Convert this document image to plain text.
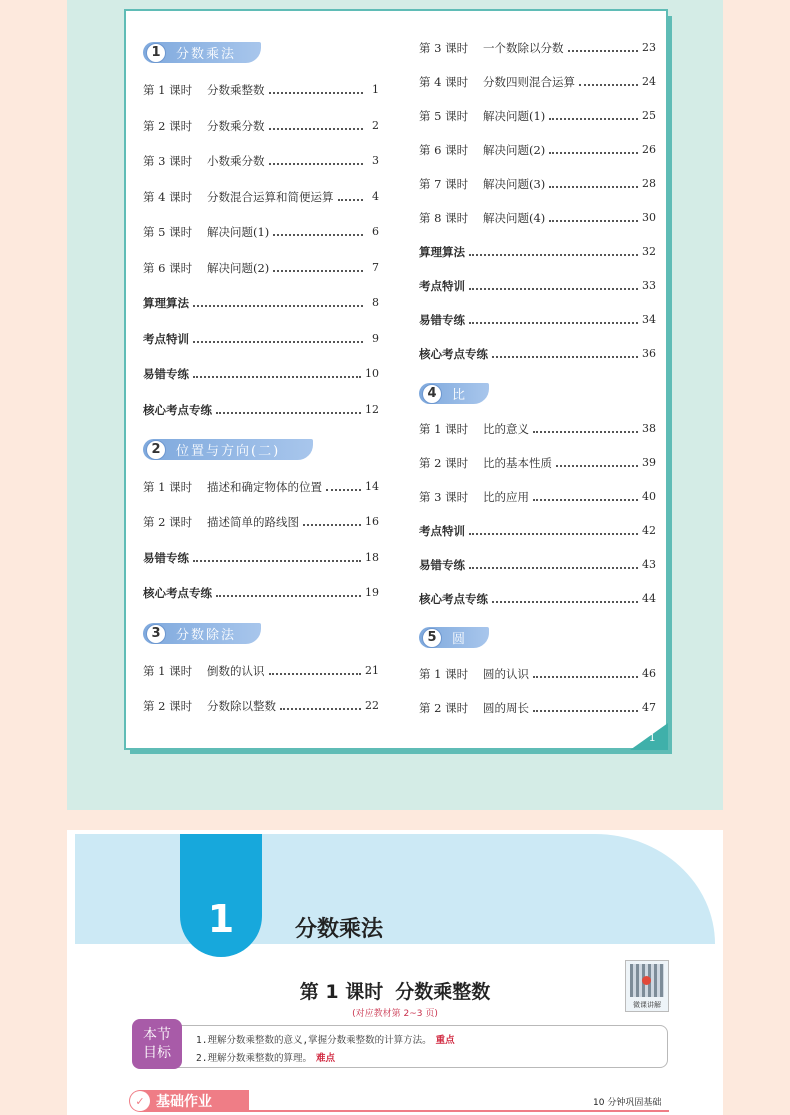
1
1	分数乘法
2	位置与方向(二)
3	分数除法
4	比
5	圆
第 1 课时	分数乘整数	1
第 2 课时	分数乘分数	2
第 3 课时	小数乘分数	3
第 4 课时	分数混合运算和简便运算	4
第 5 课时	解决问题(1)	6
第 6 课时	解决问题(2)	7
算理算法	8
考点特训	9
易错专练	10
核心考点专练	12
第 1 课时	描述和确定物体的位置	14
第 2 课时	描述简单的路线图	16
易错专练	18
核心考点专练	19
第 1 课时	倒数的认识	21
第 2 课时	分数除以整数	22
第 3 课时	一个数除以分数	23
第 4 课时	分数四则混合运算	24
第 5 课时	解决问题(1)	25
第 6 课时	解决问题(2)	26
第 7 课时	解决问题(3)	28
第 8 课时	解决问题(4)	30
算理算法	32
考点特训	33
易错专练	34
核心考点专练	36
第 1 课时	比的意义	38
第 2 课时	比的基本性质	39
第 3 课时	比的应用	40
考点特训	42
易错专练	43
核心考点专练	44
第 1 课时	圆的认识	46
第 2 课时	圆的周长	47
1	分数乘法
第 1 课时 分数乘整数
(对应教材第 2~3 页)
微课讲解
本节
目标
1.理解分数乘整数的意义,掌握分数乘整数的计算方法。 重点
2.理解分数乘整数的算理。 难点
✓ 基础作业	10 分钟巩固基础
